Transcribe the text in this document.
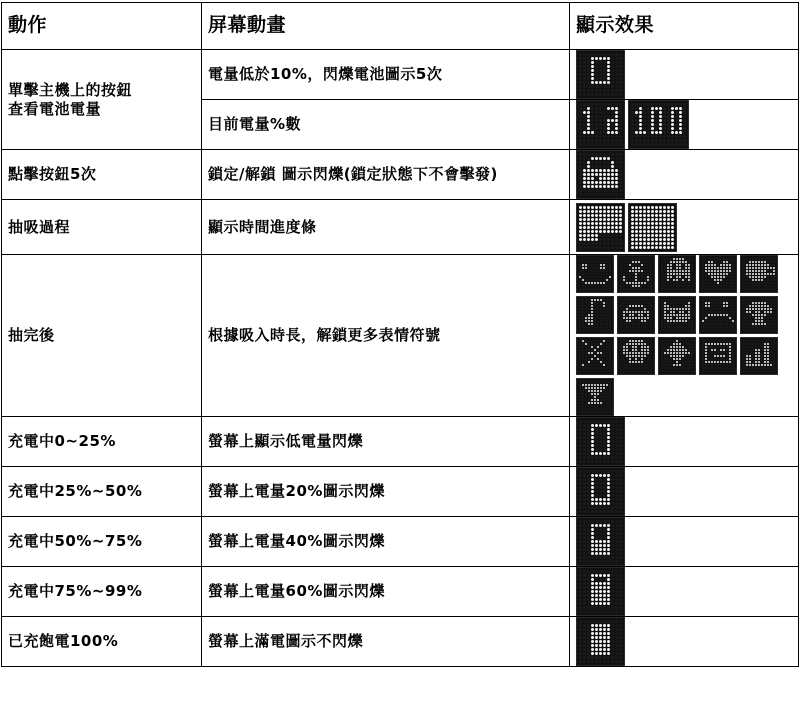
動作	屏幕動畫	顯示效果

單擊主機上的按鈕
查看電池電量	電量低於10%，閃爍電池圖示5次	

	目前電量%數	

點擊按鈕5次	鎖定/解鎖 圖示閃爍(鎖定狀態下不會擊發)	

抽吸過程	顯示時間進度條	

抽完後	根據吸入時長，解鎖更多表情符號	

充電中0~25%	螢幕上顯示低電量閃爍	

充電中25%~50%	螢幕上電量20%圖示閃爍	

充電中50%~75%	螢幕上電量40%圖示閃爍	

充電中75%~99%	螢幕上電量60%圖示閃爍	

已充飽電100%	螢幕上滿電圖示不閃爍	
